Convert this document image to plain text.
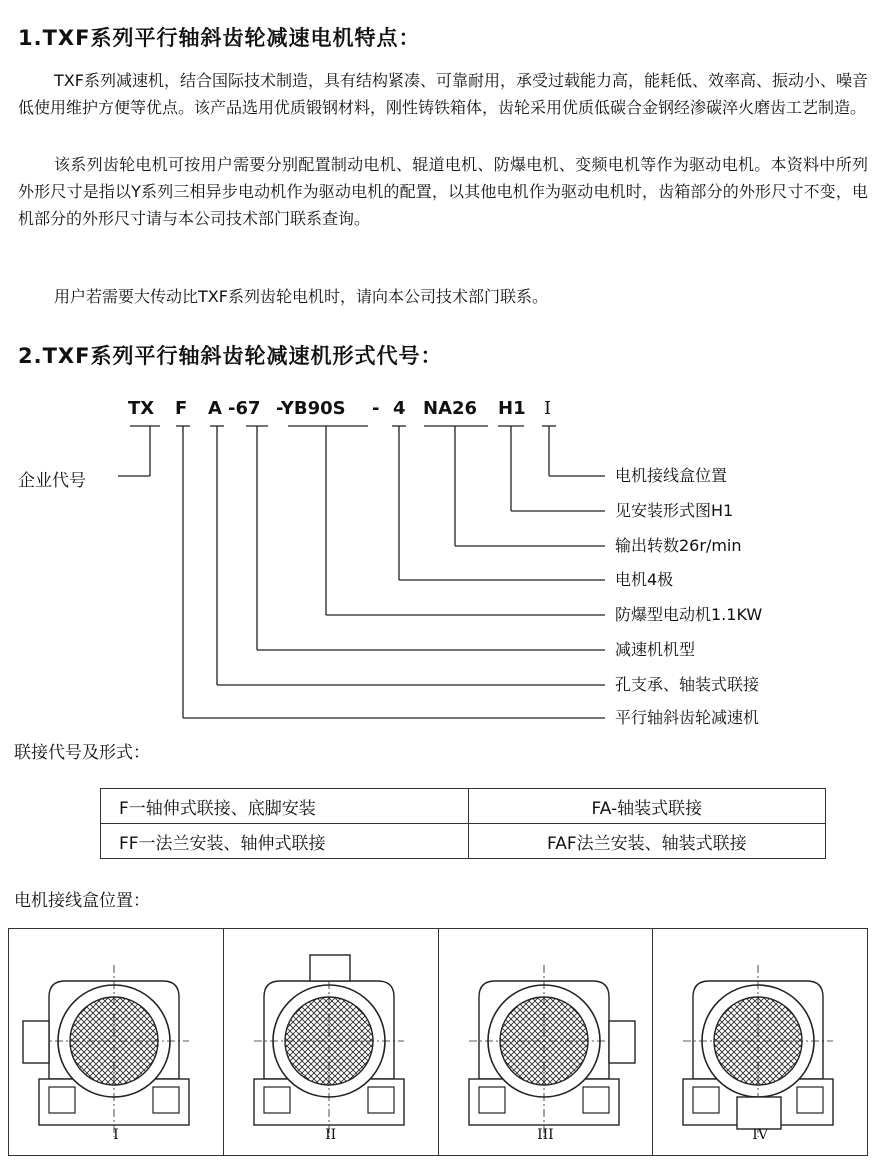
1.TXF系列平行轴斜齿轮减速电机特点：
TXF系列减速机，结合国际技术制造，具有结构紧凑、可靠耐用，承受过载能力高，能耗低、效率高、振动小、噪音低使用维护方便等优点。该产品选用优质锻钢材料，刚性铸铁箱体，齿轮采用优质低碳合金钢经渗碳淬火磨齿工艺制造。
该系列齿轮电机可按用户需要分别配置制动电机、辊道电机、防爆电机、变频电机等作为驱动电机。本资料中所列外形尺寸是指以Y系列三相异步电动机作为驱动电机的配置，以其他电机作为驱动电机时，齿箱部分的外形尺寸不变，电机部分的外形尺寸请与本公司技术部门联系查询。
用户若需要大传动比TXF系列齿轮电机时，请向本公司技术部门联系。
2.TXF系列平行轴斜齿轮减速机形式代号：
TX F A -67 -YB90S - 4 NA26 H1 I
企业代号	电机接线盒位置
见安装形式图H1
输出转数26r/min
电机4极
防爆型电动机1.1KW
减速机机型
孔支承、轴装式联接
平行轴斜齿轮减速机
联接代号及形式：
F一轴伸式联接、底脚安装	FA-轴装式联接
FF一法兰安装、轴伸式联接	FAF法兰安装、轴装式联接
电机接线盒位置：
I	II	III	IV
